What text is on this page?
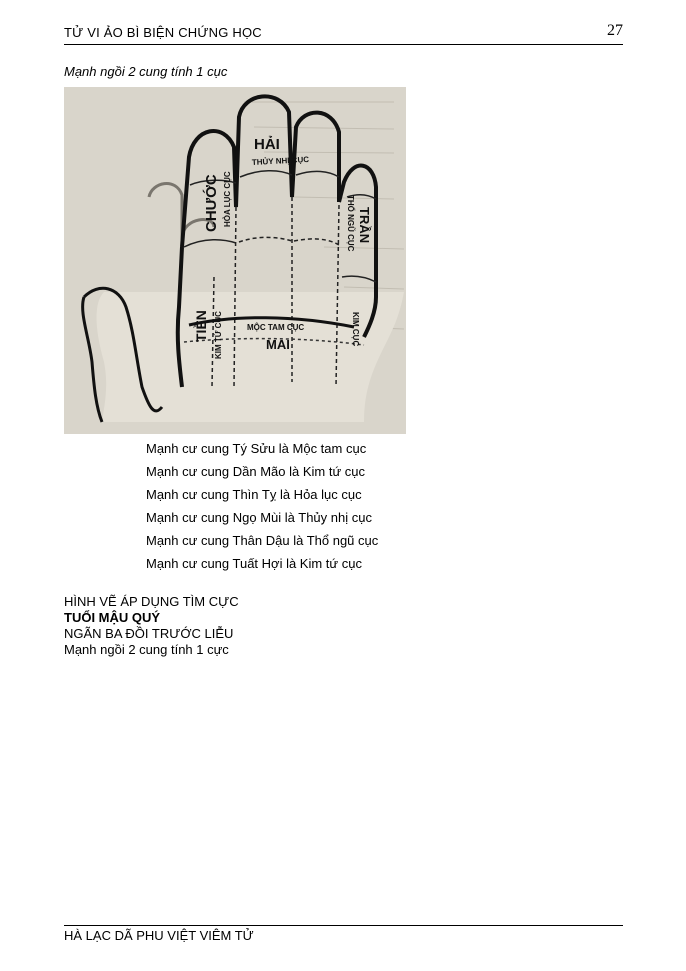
TỬ VI ẢO BÌ BIỆN CHỨNG HỌC	27
Mạnh ngồi 2 cung tính 1 cục
HẢI
THỦY NHỊ CỤC
CHƯỚC HỎA LỤC CỤC	TRẦN
THỔ NGŨ CỤC
TIỀN KIM TỨ CỤC	MỘC TAM CỤC
MAI	KIM CỤC
Mạnh cư cung Tý Sửu là Mộc tam cục
Mạnh cư cung Dần Mão là Kim tứ cục
Mạnh cư cung Thìn Tỵ là Hỏa lục cục
Mạnh cư cung Ngọ Mùi là Thủy nhị cục
Mạnh cư cung Thân Dậu là Thổ ngũ cục
Mạnh cư cung Tuất Hợi là Kim tứ cục
HÌNH VẼ ÁP DỤNG TÌM CỰC
TUỔI MẬU QUÝ
NGÃN BA ĐỒI TRƯỚC LIỄU
Mạnh ngồi 2 cung tính 1 cực
HÀ LẠC DÃ PHU VIỆT VIÊM TỬ
